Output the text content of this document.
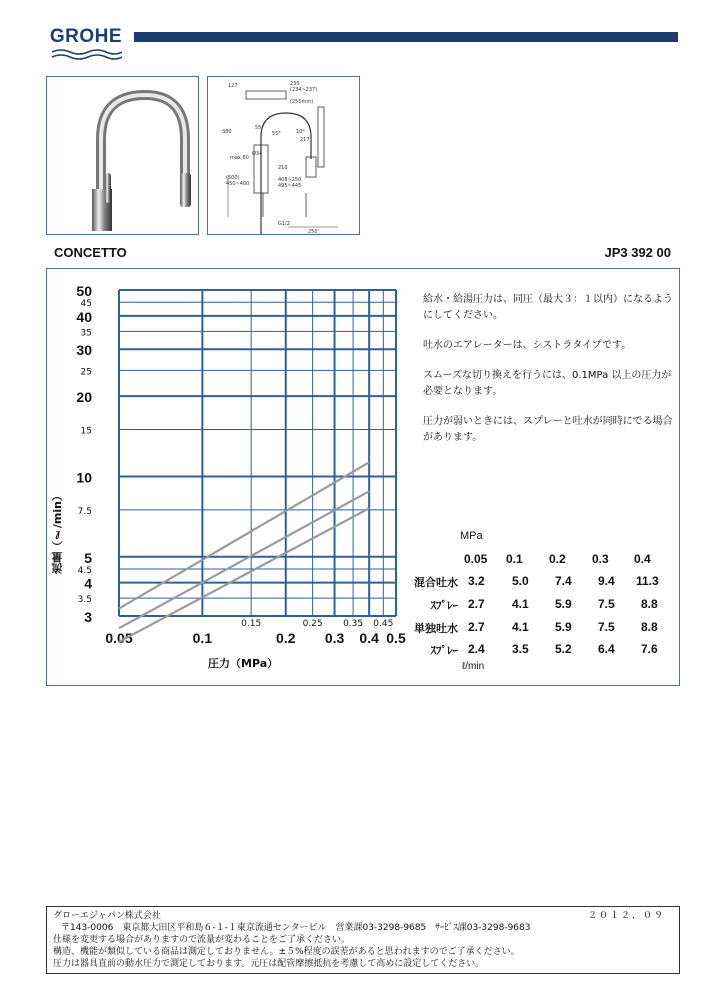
GROHE
127	235
(234~237)
(250mm)
380
55°
55°	10°
217
max.60
Ø34
210
(500)
450~400
408~250
495~445
G1/2
250
CONCETTO	JP3 392 00
0.05	0.1	0.2 0.3 0.4 0.5
0.15	0.25 0.35 0.45
3
4
5
10
20
30
40
50
3.5
4.5
7.5
15
25
35
45
流量（ℓ/min）
圧力（MPa）

給水・給湯圧力は、同圧（最大３：１以内）になるようにしてください。

吐水のエアレーターは、シストラタイプです。

スムーズな切り換えを行うには、0.1MPa 以上の圧力が必要となります。

圧力が弱いときには、スプレーと吐水が同時にでる場合があります。

MPa
0.05 0.1 0.2 0.3 0.4
混合吐水 3.2 5.0 7.4 9.4 11.3
ｽﾌﾟﾚｰ 2.7 4.1 5.9 7.5 8.8
単独吐水 2.7 4.1 5.9 7.5 8.8
ｽﾌﾟﾚｰ 2.4 3.5 5.2 6.4 7.6
ℓ/min
グローエジャパン株式会社	２０１２．０９
〒143-0006　東京都大田区平和島６-１-１東京流通センタービル　営業課03-3298-9685　ｻｰﾋﾞｽ課03-3298-9683
仕様を変更する場合がありますので流量が変わることをご了承ください。
構造、機能が類似している商品は測定しておりません。±５%程度の誤差があると思われますのでご了承ください。
圧力は器具直前の動水圧力で測定しております。元圧は配管摩擦抵抗を考慮して高めに設定してください。
